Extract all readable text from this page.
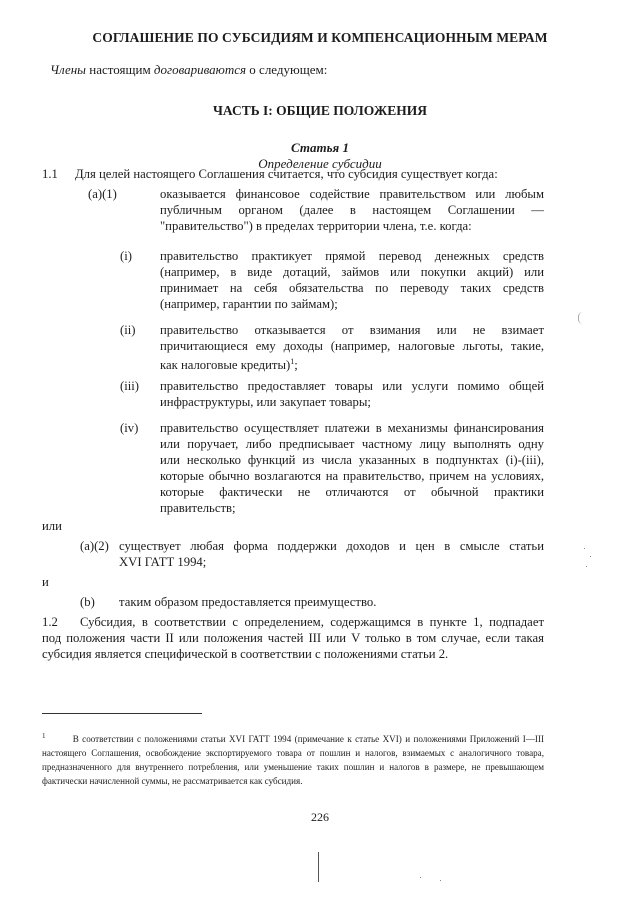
СОГЛАШЕНИЕ ПО СУБСИДИЯМ И КОМПЕНСАЦИОННЫМ МЕРАМ
Члены настоящим договариваются о следующем:
ЧАСТЬ I: ОБЩИЕ ПОЛОЖЕНИЯ
Статья 1
Определение субсидии
1.1 Для целей настоящего Соглашения считается, что субсидия существует когда:
(a)(1)	оказывается финансовое содействие правительством или любым
публичным органом (далее в настоящем Соглашении —
"правительство") в пределах территории члена, т.е. когда:
(i) правительство практикует прямой перевод денежных средств
(например, в виде дотаций, займов или покупки акций) или
принимает на себя обязательства по переводу таких средств
(например, гарантии по займам);
(ii) правительство отказывается от взимания или не взимает
причитающиеся ему доходы (например, налоговые льготы, такие,
как налоговые кредиты)$^1$;
(iii) правительство предоставляет товары или услуги помимо общей
инфраструктуры, или закупает товары;
(iv) правительство осуществляет платежи в механизмы финансирования
или поручает, либо предписывает частному лицу выполнять одну
или несколько функций из числа указанных в подпунктах (i)-(iii),
которые обычно возлагаются на правительство, причем на условиях,
которые фактически не отличаются от обычной практики
правительств;
или
(a)(2) существует любая форма поддержки доходов и цен в смысле статьи
XVI ГАТТ 1994;
и
(b) таким образом предоставляется преимущество.
1.2 Субсидия, в соответствии с определением, содержащимся в пункте 1, подпадает
под положения части II или положения частей III или V только в том случае, если такая
субсидия является специфической в соответствии с положениями статьи 2.
$^1$	В соответствии с положениями статьи XVI ГАТТ 1994 (примечание к статье XVI) и положениями Приложений I—III настоящего Соглашения, освобождение экспортируемого товара от пошлин и налогов, взимаемых с аналогичного товара, предназначенного для внутреннего потребления, или уменьшение таких пошлин и налогов в размере, не превышающем фактически начисленной суммы, не рассматривается как субсидия.
226
